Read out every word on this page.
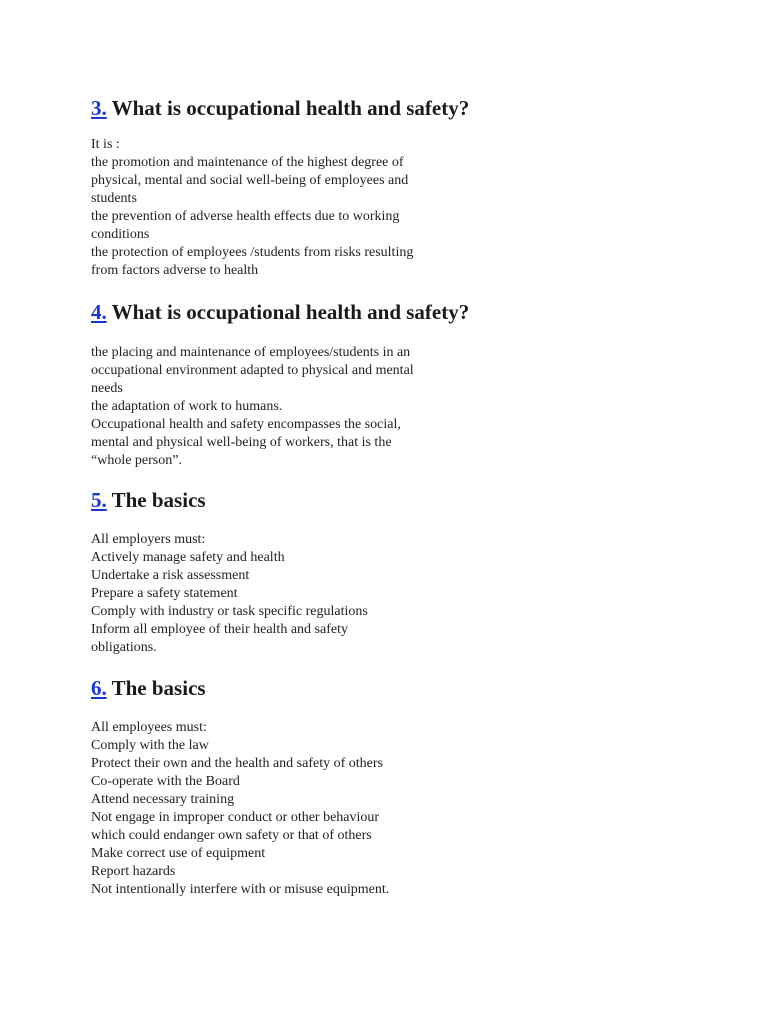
3. What is occupational health and safety?
It is :
the promotion and maintenance of the highest degree of
physical, mental and social well-being of employees and
students
the prevention of adverse health effects due to working
conditions
the protection of employees /students from risks resulting
from factors adverse to health
4. What is occupational health and safety?
the placing and maintenance of employees/students in an
occupational environment adapted to physical and mental
needs
the adaptation of work to humans.
Occupational health and safety encompasses the social,
mental and physical well-being of workers, that is the
“whole person”.
5. The basics
All employers must:
Actively manage safety and health
Undertake a risk assessment
Prepare a safety statement
Comply with industry or task specific regulations
Inform all employee of their health and safety
obligations.
6. The basics
All employees must:
Comply with the law
Protect their own and the health and safety of others
Co-operate with the Board
Attend necessary training
Not engage in improper conduct or other behaviour
which could endanger own safety or that of others
Make correct use of equipment
Report hazards
Not intentionally interfere with or misuse equipment.
